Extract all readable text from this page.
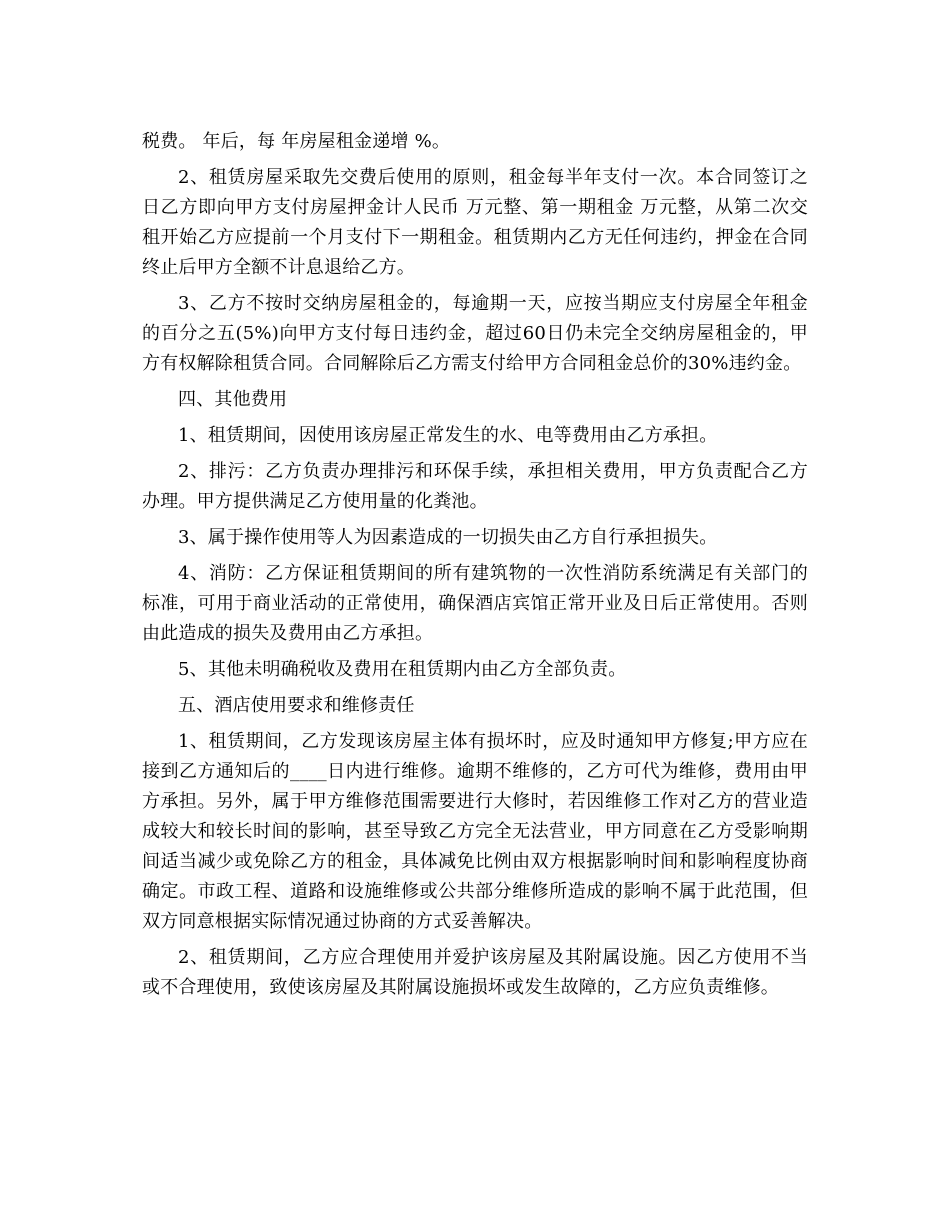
税费。 年后，每 年房屋租金递增 %。

2、租赁房屋采取先交费后使用的原则，租金每半年支付一次。本合同签订之日乙方即向甲方支付房屋押金计人民币 万元整、第一期租金 万元整，从第二次交租开始乙方应提前一个月支付下一期租金。租赁期内乙方无任何违约，押金在合同终止后甲方全额不计息退给乙方。

3、乙方不按时交纳房屋租金的，每逾期一天，应按当期应支付房屋全年租金的百分之五(5%)向甲方支付每日违约金，超过60日仍未完全交纳房屋租金的，甲方有权解除租赁合同。合同解除后乙方需支付给甲方合同租金总价的30%违约金。

四、其他费用

1、租赁期间，因使用该房屋正常发生的水、电等费用由乙方承担。

2、排污：乙方负责办理排污和环保手续，承担相关费用，甲方负责配合乙方办理。甲方提供满足乙方使用量的化粪池。

3、属于操作使用等人为因素造成的一切损失由乙方自行承担损失。

4、消防：乙方保证租赁期间的所有建筑物的一次性消防系统满足有关部门的标准，可用于商业活动的正常使用，确保酒店宾馆正常开业及日后正常使用。否则由此造成的损失及费用由乙方承担。

5、其他未明确税收及费用在租赁期内由乙方全部负责。

五、酒店使用要求和维修责任

1、租赁期间，乙方发现该房屋主体有损坏时，应及时通知甲方修复;甲方应在接到乙方通知后的____日内进行维修。逾期不维修的，乙方可代为维修，费用由甲方承担。另外，属于甲方维修范围需要进行大修时，若因维修工作对乙方的营业造成较大和较长时间的影响，甚至导致乙方完全无法营业，甲方同意在乙方受影响期间适当减少或免除乙方的租金，具体减免比例由双方根据影响时间和影响程度协商确定。市政工程、道路和设施维修或公共部分维修所造成的影响不属于此范围，但双方同意根据实际情况通过协商的方式妥善解决。

2、租赁期间，乙方应合理使用并爱护该房屋及其附属设施。因乙方使用不当或不合理使用，致使该房屋及其附属设施损坏或发生故障的，乙方应负责维修。
